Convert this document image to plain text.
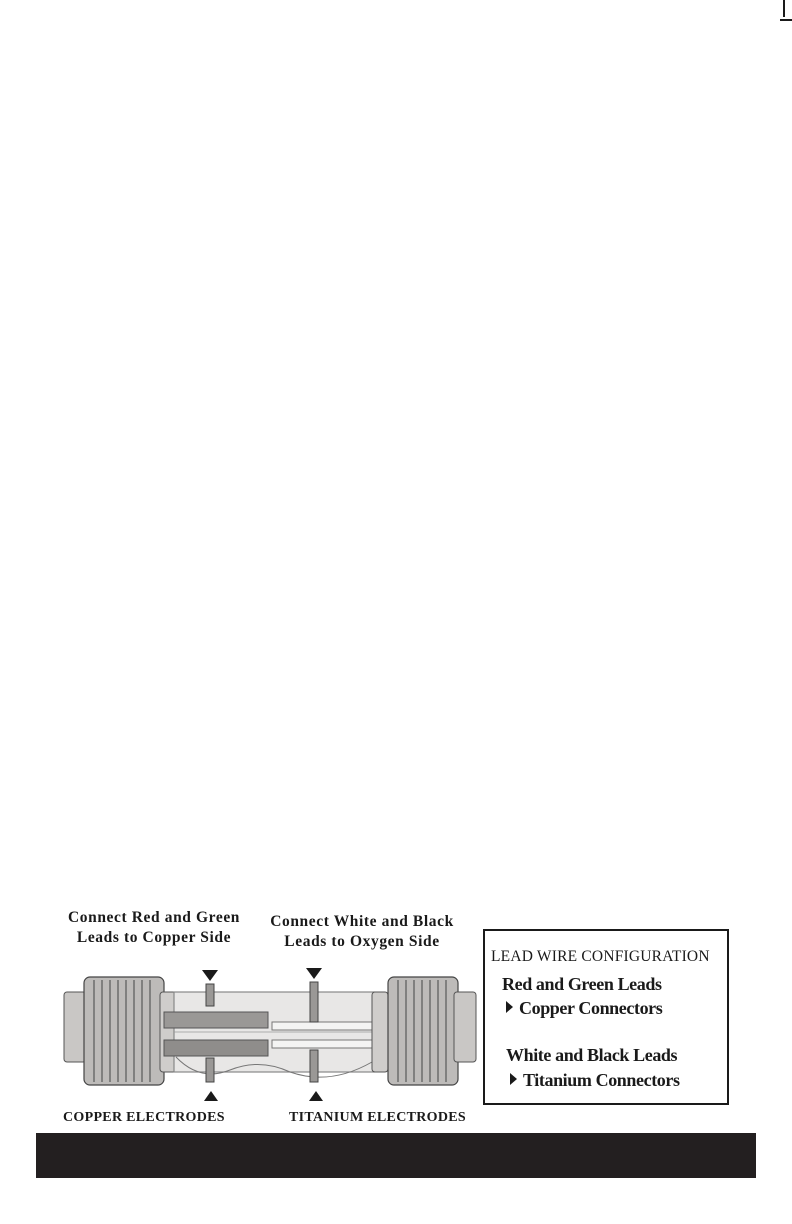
Connect Red and Green
Leads to Copper Side
Connect White and Black
Leads to Oxygen Side
COPPER ELECTRODES	TITANIUM ELECTRODES
LEAD WIRE CONFIGURATION
Red and Green Leads
Copper Connectors
White and Black Leads
Titanium Connectors
